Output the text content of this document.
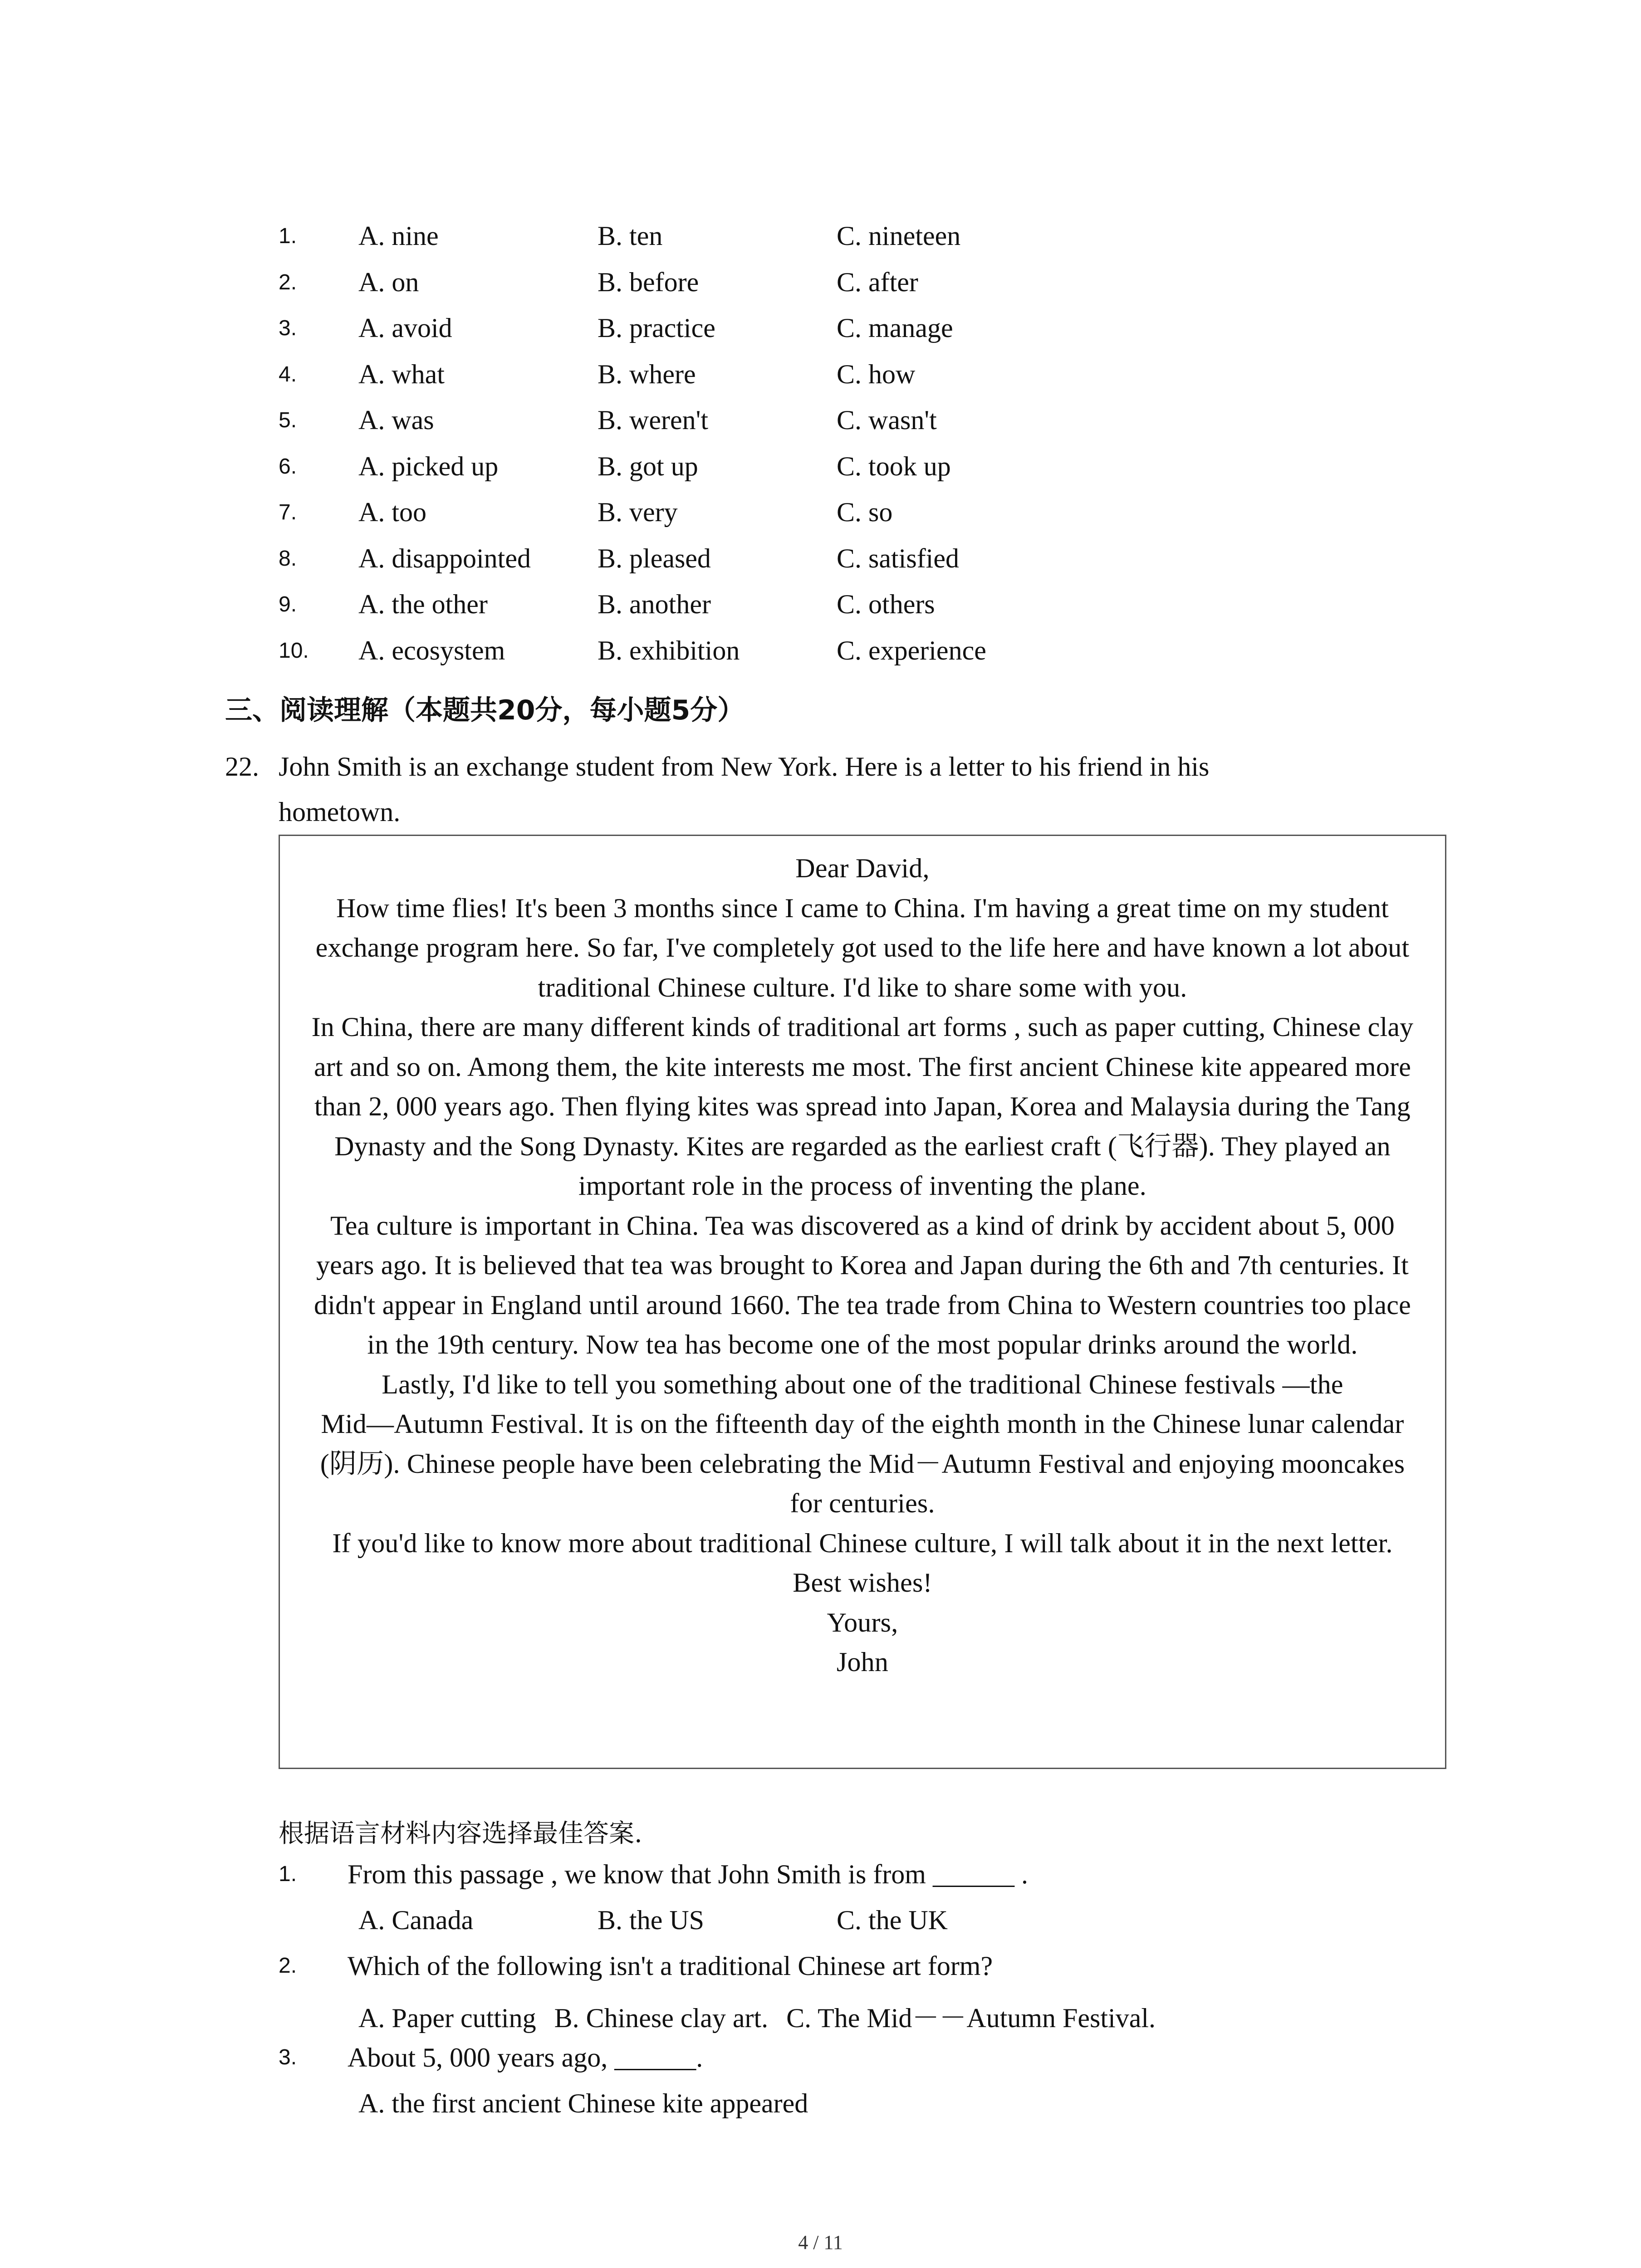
1.	A. nine	B. ten	C. nineteen
2.	A. on	B. before	C. after
3.	A. avoid	B. practice	C. manage
4.	A. what	B. where	C. how
5.	A. was	B. weren't	C. wasn't
6.	A. picked up	B. got up	C. took up
7.	A. too	B. very	C. so
8.	A. disappointed	B. pleased	C. satisfied
9.	A. the other	B. another	C. others
10.	A. ecosystem	B. exhibition	C. experience
三、阅读理解（本题共20分，每小题5分）
22. John Smith is an exchange student from New York. Here is a letter to his friend in his
hometown.

Dear David,

How time flies! It's been 3 months since I came to China. I'm having a great time on my student exchange program here. So far, I've completely got used to the life here and have known a lot about traditional Chinese culture. I'd like to share some with you.

In China, there are many different kinds of traditional art forms , such as paper cutting, Chinese clay art and so on. Among them, the kite interests me most. The first ancient Chinese kite appeared more than 2, 000 years ago. Then flying kites was spread into Japan, Korea and Malaysia during the Tang Dynasty and the Song Dynasty. Kites are regarded as the earliest craft (飞行器). They played an important role in the process of inventing the plane.

Tea culture is important in China. Tea was discovered as a kind of drink by accident about 5, 000 years ago. It is believed that tea was brought to Korea and Japan during the 6th and 7th centuries. It didn't appear in England until around 1660. The tea trade from China to Western countries too place in the 19th century. Now tea has become one of the most popular drinks around the world.

Lastly, I'd like to tell you something about one of the traditional Chinese festivals ―the Mid―Autumn Festival. It is on the fifteenth day of the eighth month in the Chinese lunar calendar (阴历). Chinese people have been celebrating the Mid－Autumn Festival and enjoying mooncakes for centuries.

If you'd like to know more about traditional Chinese culture, I will talk about it in the next letter.

Best wishes!

Yours,

John

根据语言材料内容选择最佳答案.
1. From this passage , we know that John Smith is from ______ .
A. Canada	B. the US	C. the UK
2. Which of the following isn't a traditional Chinese art form?
A. Paper cutting B. Chinese clay art. C. The Mid－－Autumn Festival.
3. About 5, 000 years ago, ______.
A. the first ancient Chinese kite appeared
4 / 11
